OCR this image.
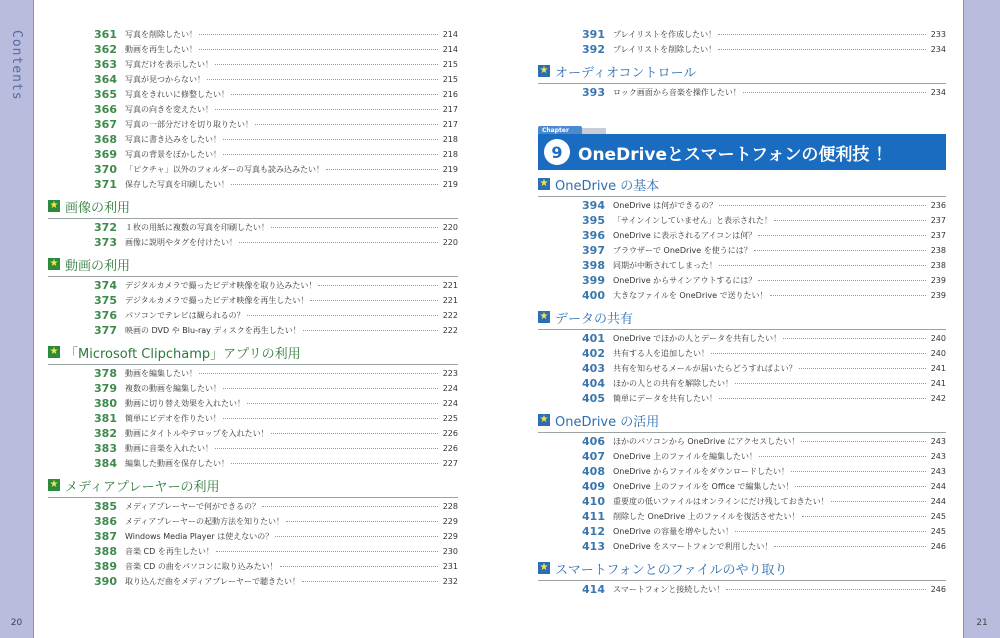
Contents
20	21
361	写真を削除したい！	214
362	動画を再生したい！	214
363	写真だけを表示したい！	215
364	写真が見つからない！	215
365	写真をきれいに修整したい！	216
366	写真の向きを変えたい！	217
367	写真の一部分だけを切り取りたい！	217
368	写真に書き込みをしたい！	218
369	写真の背景をぼかしたい！	218
370	「ピクチャ」以外のフォルダーの写真も読み込みたい！	219
371	保存した写真を印刷したい！	219
★ 画像の利用
372	１枚の用紙に複数の写真を印刷したい！	220
373	画像に説明やタグを付けたい！	220
★ 動画の利用
374	デジタルカメラで撮ったビデオ映像を取り込みたい！	221
375	デジタルカメラで撮ったビデオ映像を再生したい！	221
376	パソコンでテレビは観られるの？	222
377	映画の DVD や Blu-ray ディスクを再生したい！	222
★ 「Microsoft Clipchamp」アプリの利用
378	動画を編集したい！	223
379	複数の動画を編集したい！	224
380	動画に切り替え効果を入れたい！	224
381	簡単にビデオを作りたい！	225
382	動画にタイトルやテロップを入れたい！	226
383	動画に音楽を入れたい！	226
384	編集した動画を保存したい！	227
★ メディアプレーヤーの利用
385	メディアプレーヤーで何ができるの？	228
386	メディアプレーヤーの起動方法を知りたい！	229
387	Windows Media Player は使えないの？	229
388	音楽 CD を再生したい！	230
389	音楽 CD の曲をパソコンに取り込みたい！	231
390	取り込んだ曲をメディアプレーヤーで聴きたい！	232
391	プレイリストを作成したい！	233
392	プレイリストを削除したい！	234
★ オーディオコントロール
393	ロック画面から音楽を操作したい！	234
Chapter
9 OneDriveとスマートフォンの便利技 ！
★ OneDrive の基本
394	OneDrive は何ができるの？	236
395	「サインインしていません」と表示された！	237
396	OneDrive に表示されるアイコンは何？	237
397	ブラウザーで OneDrive を使うには？	238
398	同期が中断されてしまった！	238
399	OneDrive からサインアウトするには？	239
400	大きなファイルを OneDrive で送りたい！	239
★ データの共有
401	OneDrive でほかの人とデータを共有したい！	240
402	共有する人を追加したい！	240
403	共有を知らせるメールが届いたらどうすればよい？	241
404	ほかの人との共有を解除したい！	241
405	簡単にデータを共有したい！	242
★ OneDrive の活用
406	ほかのパソコンから OneDrive にアクセスしたい！	243
407	OneDrive 上のファイルを編集したい！	243
408	OneDrive からファイルをダウンロードしたい！	243
409	OneDrive 上のファイルを Office で編集したい！	244
410	重要度の低いファイルはオンラインにだけ残しておきたい！	244
411	削除した OneDrive 上のファイルを復活させたい！	245
412	OneDrive の容量を増やしたい！	245
413	OneDrive をスマートフォンで利用したい！	246
★ スマートフォンとのファイルのやり取り
414	スマートフォンと接続したい！	246
